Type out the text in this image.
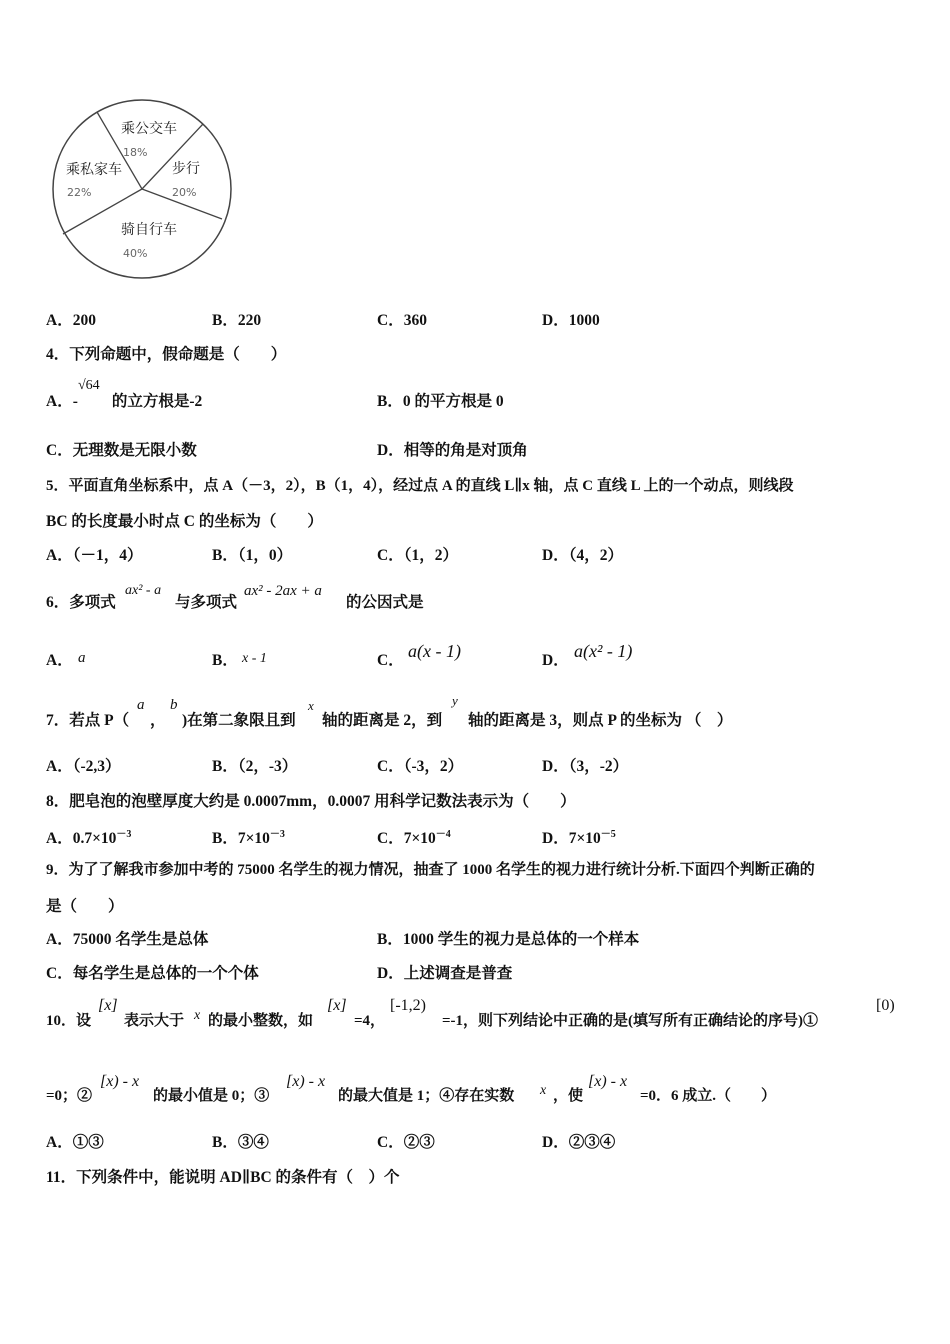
乘公交车
18%
步行
20%
骑自行车
40%
乘私家车
22%
A．200	B．220	C．360	D．1000
4．下列命题中，假命题是（　　）
A．- 的立方根是-2
√64
B．0 的平方根是 0
C．无理数是无限小数	D．相等的角是对顶角
5．平面直角坐标系中，点 A（－3，2），B（1，4），经过点 A 的直线 L∥x 轴，点 C 直线 L 上的一个动点，则线段
BC 的长度最小时点 C 的坐标为（　　）
A．（－1，4）	B．（1，0）	C．（1，2）	D．（4，2）
6．多项式
ax² - a
与多项式
ax² - 2ax + a
的公因式是
A． a	B． x - 1	C． a(x - 1)	D． a(x² - 1)
7．若点 P（
a
，
b
)在第二象限且到
x
轴的距离是 2，到
y
轴的距离是 3，则点 P 的坐标为 （　）
A．（-2,3）	B．（2，-3）	C．（-3，2）	D．（3，-2）
8．肥皂泡的泡壁厚度大约是 0.0007mm，0.0007 用科学记数法表示为（　　）
A．$0.7\times 10^{-3}$	B．$7\times 10^{-3}$	C．$7\times 10^{-4}$	D．$7\times 10^{-5}$
9．为了了解我市参加中考的 75000 名学生的视力情况，抽查了 1000 名学生的视力进行统计分析.下面四个判断正确的
是（　　）
A．75000 名学生是总体	B．1000 学生的视力是总体的一个样本
C．每名学生是总体的一个个体	D．上述调查是普查
10．设
[x]
表示大于 x 的最小整数，如
[x]
=4，
[-1,2)
=-1，则下列结论中正确的是(填写所有正确结论的序号)①
[0)
=0；②
[x) - x
的最小值是 0；③
[x) - x
的最大值是 1；④存在实数 x ，使
[x) - x
=0．6 成立.（　　）
A．①③	B．③④	C．②③	D．②③④
11．下列条件中，能说明 AD∥BC 的条件有（　）个
